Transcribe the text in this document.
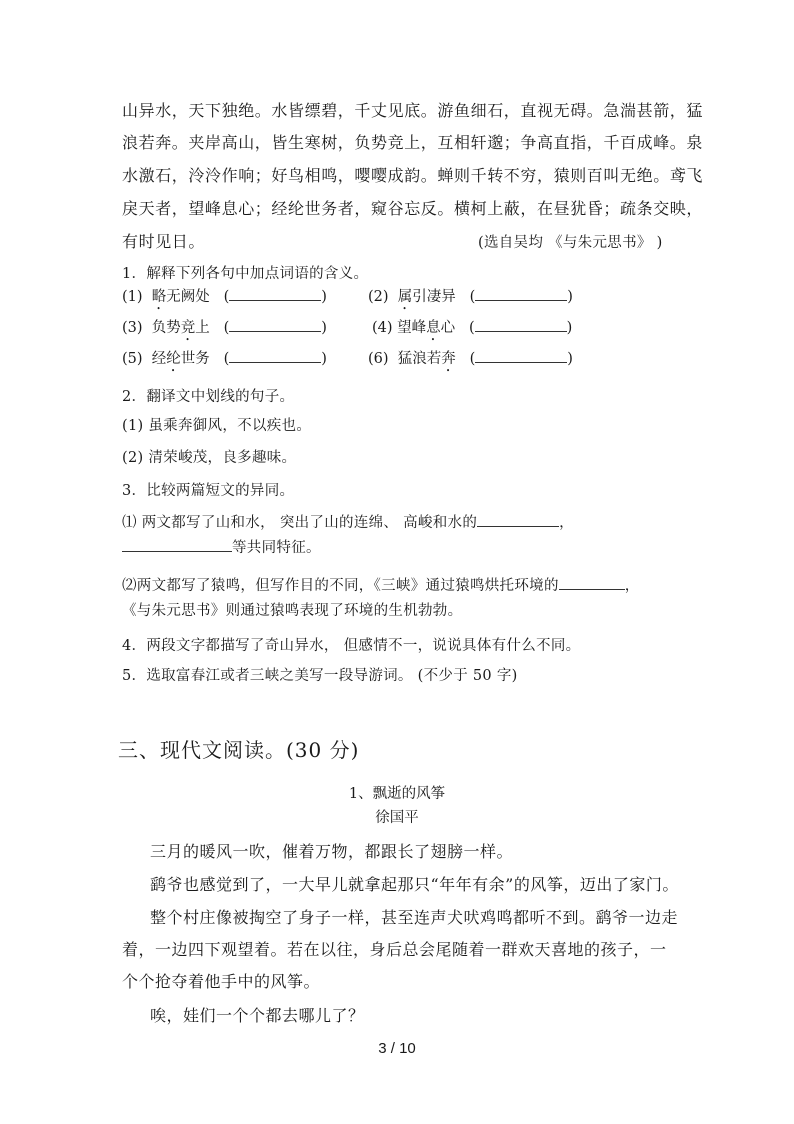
山异水，天下独绝。水皆缥碧，千丈见底。游鱼细石，直视无碍。急湍甚箭，猛
浪若奔。夹岸高山，皆生寒树，负势竞上，互相轩邈；争高直指，千百成峰。泉
水激石，泠泠作响；好鸟相鸣，嘤嘤成韵。蝉则千转不穷，猿则百叫无绝。鸢飞
戾天者，望峰息心；经纶世务者，窥谷忘反。横柯上蔽，在昼犹昏；疏条交映，
有时见日。	(选自吴均 《与朱元思书》 )
1．解释下列各句中加点词语的含义。
(1) 略无阙处   (	)	(2) 属引凄异   (	)
(3) 负势竞上   (	)	(4) 望峰息心   (	)
(5) 经纶世务   (	)	(6) 猛浪若奔   (	)
2．翻译文中划线的句子。
(1) 虽乘奔御风，不以疾也。
(2) 清荣峻茂，良多趣味。
3．比较两篇短文的异同。
⑴ 两文都写了山和水， 突出了山的连绵、 高峻和水的	，
等共同特征。
⑵两文都写了猿鸣，但写作目的不同，《三峡》通过猿鸣烘托环境的	，
《与朱元思书》则通过猿鸣表现了环境的生机勃勃。
4．两段文字都描写了奇山异水， 但感情不一，说说具体有什么不同。
5．选取富春江或者三峡之美写一段导游词。 (不少于 50 字)
三、现代文阅读。(30 分)
1、飘逝的风筝
徐国平
三月的暖风一吹，催着万物，都跟长了翅膀一样。
鹞爷也感觉到了，一大早儿就拿起那只“年年有余”的风筝，迈出了家门。
整个村庄像被掏空了身子一样，甚至连声犬吠鸡鸣都听不到。鹞爷一边走着，一边四下观望着。若在以往，身后总会尾随着一群欢天喜地的孩子，一个个抢夺着他手中的风筝。
唉，娃们一个个都去哪儿了？
3 / 10
